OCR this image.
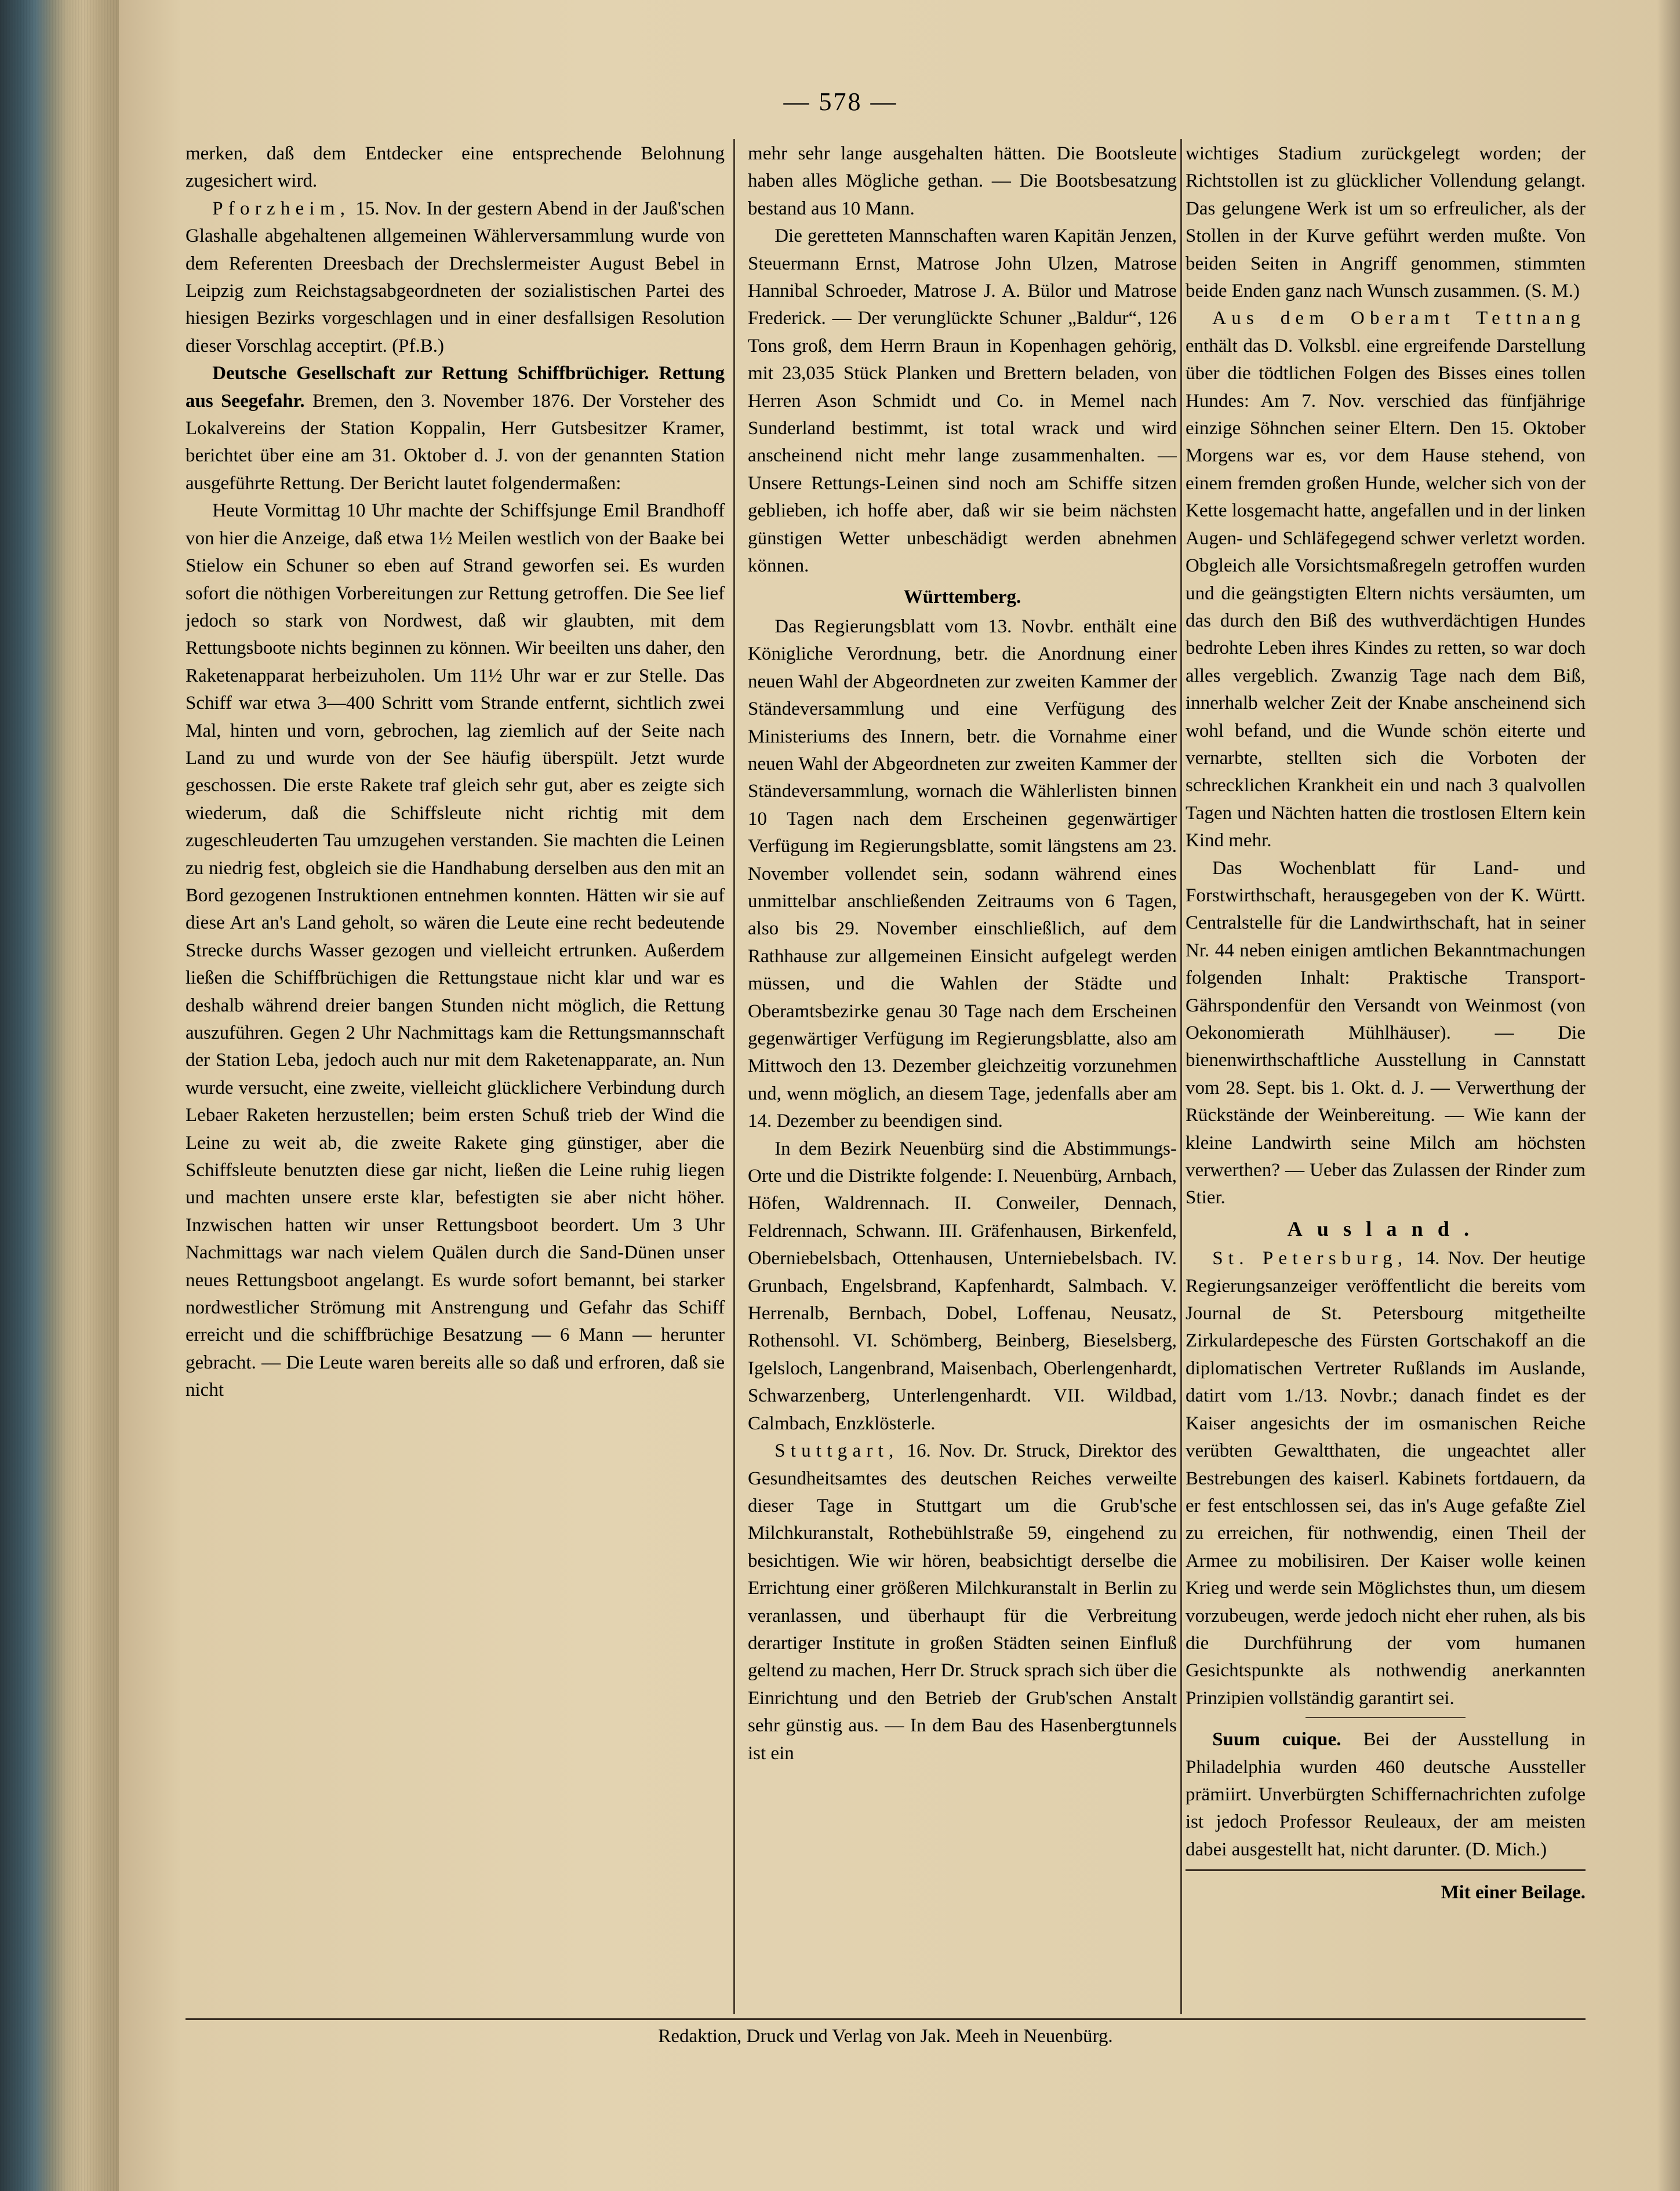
— 578 —

merken, daß dem Entdecker eine entsprechende Belohnung zugesichert wird.

Pforzheim, 15. Nov. In der gestern Abend in der Jauß'schen Glashalle abgehaltenen allgemeinen Wählerversammlung wurde von dem Referenten Dreesbach der Drechslermeister August Bebel in Leipzig zum Reichstagsabgeordneten der sozialistischen Partei des hiesigen Bezirks vorgeschlagen und in einer desfallsigen Resolution dieser Vorschlag acceptirt. (Pf.B.)

Deutsche Gesellschaft zur Rettung Schiffbrüchiger. Rettung aus Seegefahr. Bremen, den 3. November 1876. Der Vorsteher des Lokalvereins der Station Koppalin, Herr Gutsbesitzer Kramer, berichtet über eine am 31. Oktober d. J. von der genannten Station ausgeführte Rettung. Der Bericht lautet folgendermaßen:

Heute Vormittag 10 Uhr machte der Schiffsjunge Emil Brandhoff von hier die Anzeige, daß etwa 1½ Meilen westlich von der Baake bei Stielow ein Schuner so eben auf Strand geworfen sei. Es wurden sofort die nöthigen Vorbereitungen zur Rettung getroffen. Die See lief jedoch so stark von Nordwest, daß wir glaubten, mit dem Rettungsboote nichts beginnen zu können. Wir beeilten uns daher, den Raketenapparat herbeizuholen. Um 11½ Uhr war er zur Stelle. Das Schiff war etwa 3—400 Schritt vom Strande entfernt, sichtlich zwei Mal, hinten und vorn, gebrochen, lag ziemlich auf der Seite nach Land zu und wurde von der See häufig überspült. Jetzt wurde geschossen. Die erste Rakete traf gleich sehr gut, aber es zeigte sich wiederum, daß die Schiffsleute nicht richtig mit dem zugeschleuderten Tau umzugehen verstanden. Sie machten die Leinen zu niedrig fest, obgleich sie die Handhabung derselben aus den mit an Bord gezogenen Instruktionen entnehmen konnten. Hätten wir sie auf diese Art an's Land geholt, so wären die Leute eine recht bedeutende Strecke durchs Wasser gezogen und vielleicht ertrunken. Außerdem ließen die Schiffbrüchigen die Rettungstaue nicht klar und war es deshalb während dreier bangen Stunden nicht möglich, die Rettung auszuführen. Gegen 2 Uhr Nachmittags kam die Rettungsmannschaft der Station Leba, jedoch auch nur mit dem Raketenapparate, an. Nun wurde versucht, eine zweite, vielleicht glücklichere Verbindung durch Lebaer Raketen herzustellen; beim ersten Schuß trieb der Wind die Leine zu weit ab, die zweite Rakete ging günstiger, aber die Schiffsleute benutzten diese gar nicht, ließen die Leine ruhig liegen und machten unsere erste klar, befestigten sie aber nicht höher. Inzwischen hatten wir unser Rettungsboot beordert. Um 3 Uhr Nachmittags war nach vielem Quälen durch die Sand-Dünen unser neues Rettungsboot angelangt. Es wurde sofort bemannt, bei starker nordwestlicher Strömung mit Anstrengung und Gefahr das Schiff erreicht und die schiffbrüchige Besatzung — 6 Mann — herunter gebracht. — Die Leute waren bereits alle so daß und erfroren, daß sie nicht

mehr sehr lange ausgehalten hätten. Die Bootsleute haben alles Mögliche gethan. — Die Bootsbesatzung bestand aus 10 Mann.

Die geretteten Mannschaften waren Kapitän Jenzen, Steuermann Ernst, Matrose John Ulzen, Matrose Hannibal Schroeder, Matrose J. A. Bülor und Matrose Frederick. — Der verunglückte Schuner „Baldur“, 126 Tons groß, dem Herrn Braun in Kopenhagen gehörig, mit 23,035 Stück Planken und Brettern beladen, von Herren Ason Schmidt und Co. in Memel nach Sunderland bestimmt, ist total wrack und wird anscheinend nicht mehr lange zusammenhalten. — Unsere Rettungs-Leinen sind noch am Schiffe sitzen geblieben, ich hoffe aber, daß wir sie beim nächsten günstigen Wetter unbeschädigt werden abnehmen können.

Württemberg.

Das Regierungsblatt vom 13. Novbr. enthält eine Königliche Verordnung, betr. die Anordnung einer neuen Wahl der Abgeordneten zur zweiten Kammer der Ständeversammlung und eine Verfügung des Ministeriums des Innern, betr. die Vornahme einer neuen Wahl der Abgeordneten zur zweiten Kammer der Ständeversammlung, wornach die Wählerlisten binnen 10 Tagen nach dem Erscheinen gegenwärtiger Verfügung im Regierungsblatte, somit längstens am 23. November vollendet sein, sodann während eines unmittelbar anschließenden Zeitraums von 6 Tagen, also bis 29. November einschließlich, auf dem Rathhause zur allgemeinen Einsicht aufgelegt werden müssen, und die Wahlen der Städte und Oberamtsbezirke genau 30 Tage nach dem Erscheinen gegenwärtiger Verfügung im Regierungsblatte, also am Mittwoch den 13. Dezember gleichzeitig vorzunehmen und, wenn möglich, an diesem Tage, jedenfalls aber am 14. Dezember zu beendigen sind.

In dem Bezirk Neuenbürg sind die Abstimmungs-Orte und die Distrikte folgende: I. Neuenbürg, Arnbach, Höfen, Waldrennach. II. Conweiler, Dennach, Feldrennach, Schwann. III. Gräfenhausen, Birkenfeld, Oberniebelsbach, Ottenhausen, Unterniebelsbach. IV. Grunbach, Engelsbrand, Kapfenhardt, Salmbach. V. Herrenalb, Bernbach, Dobel, Loffenau, Neusatz, Rothensohl. VI. Schömberg, Beinberg, Bieselsberg, Igelsloch, Langenbrand, Maisenbach, Oberlengenhardt, Schwarzenberg, Unterlengenhardt. VII. Wildbad, Calmbach, Enzklösterle.

Stuttgart, 16. Nov. Dr. Struck, Direktor des Gesundheitsamtes des deutschen Reiches verweilte dieser Tage in Stuttgart um die Grub'sche Milchkuranstalt, Rothebühlstraße 59, eingehend zu besichtigen. Wie wir hören, beabsichtigt derselbe die Errichtung einer größeren Milchkuranstalt in Berlin zu veranlassen, und überhaupt für die Verbreitung derartiger Institute in großen Städten seinen Einfluß geltend zu machen, Herr Dr. Struck sprach sich über die Einrichtung und den Betrieb der Grub'schen Anstalt sehr günstig aus. — In dem Bau des Hasenbergtunnels ist ein

wichtiges Stadium zurückgelegt worden; der Richtstollen ist zu glücklicher Vollendung gelangt. Das gelungene Werk ist um so erfreulicher, als der Stollen in der Kurve geführt werden mußte. Von beiden Seiten in Angriff genommen, stimmten beide Enden ganz nach Wunsch zusammen. (S. M.)

Aus dem Oberamt Tettnang enthält das D. Volksbl. eine ergreifende Darstellung über die tödtlichen Folgen des Bisses eines tollen Hundes: Am 7. Nov. verschied das fünfjährige einzige Söhnchen seiner Eltern. Den 15. Oktober Morgens war es, vor dem Hause stehend, von einem fremden großen Hunde, welcher sich von der Kette losgemacht hatte, angefallen und in der linken Augen- und Schläfegegend schwer verletzt worden. Obgleich alle Vorsichtsmaßregeln getroffen wurden und die geängstigten Eltern nichts versäumten, um das durch den Biß des wuthverdächtigen Hundes bedrohte Leben ihres Kindes zu retten, so war doch alles vergeblich. Zwanzig Tage nach dem Biß, innerhalb welcher Zeit der Knabe anscheinend sich wohl befand, und die Wunde schön eiterte und vernarbte, stellten sich die Vorboten der schrecklichen Krankheit ein und nach 3 qualvollen Tagen und Nächten hatten die trostlosen Eltern kein Kind mehr.

Das Wochenblatt für Land- und Forstwirthschaft, herausgegeben von der K. Württ. Centralstelle für die Landwirthschaft, hat in seiner Nr. 44 neben einigen amtlichen Bekanntmachungen folgenden Inhalt: Praktische Transport-Gährspondenfür den Versandt von Weinmost (von Oekonomierath Mühlhäuser). — Die bienenwirthschaftliche Ausstellung in Cannstatt vom 28. Sept. bis 1. Okt. d. J. — Verwerthung der Rückstände der Weinbereitung. — Wie kann der kleine Landwirth seine Milch am höchsten verwerthen? — Ueber das Zulassen der Rinder zum Stier.

Ausland.

St. Petersburg, 14. Nov. Der heutige Regierungsanzeiger veröffentlicht die bereits vom Journal de St. Petersbourg mitgetheilte Zirkulardepesche des Fürsten Gortschakoff an die diplomatischen Vertreter Rußlands im Auslande, datirt vom 1./13. Novbr.; danach findet es der Kaiser angesichts der im osmanischen Reiche verübten Gewaltthaten, die ungeachtet aller Bestrebungen des kaiserl. Kabinets fortdauern, da er fest entschlossen sei, das in's Auge gefaßte Ziel zu erreichen, für nothwendig, einen Theil der Armee zu mobilisiren. Der Kaiser wolle keinen Krieg und werde sein Möglichstes thun, um diesem vorzubeugen, werde jedoch nicht eher ruhen, als bis die Durchführung der vom humanen Gesichtspunkte als nothwendig anerkannten Prinzipien vollständig garantirt sei.

Suum cuique. Bei der Ausstellung in Philadelphia wurden 460 deutsche Aussteller prämiirt. Unverbürgten Schiffernachrichten zufolge ist jedoch Professor Reuleaux, der am meisten dabei ausgestellt hat, nicht darunter. (D. Mich.)

Mit einer Beilage.

Redaktion, Druck und Verlag von Jak. Meeh in Neuenbürg.
